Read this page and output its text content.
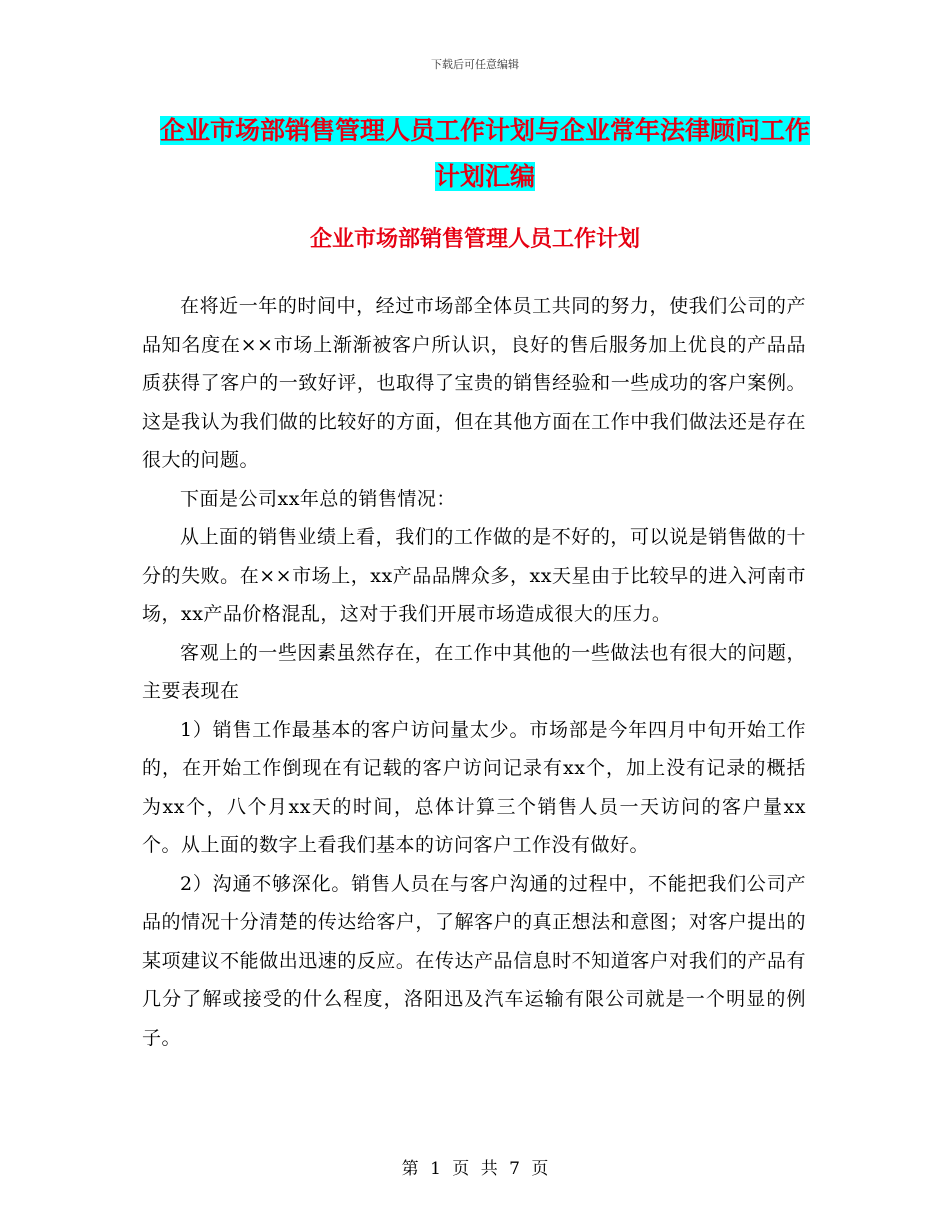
下载后可任意编辑
企业市场部销售管理人员工作计划与企业常年法律顾问工作计划汇编
企业市场部销售管理人员工作计划

在将近一年的时间中，经过市场部全体员工共同的努力，使我们公司的产品知名度在××市场上渐渐被客户所认识，良好的售后服务加上优良的产品品质获得了客户的一致好评，也取得了宝贵的销售经验和一些成功的客户案例。这是我认为我们做的比较好的方面，但在其他方面在工作中我们做法还是存在很大的问题。

下面是公司xx年总的销售情况：

从上面的销售业绩上看，我们的工作做的是不好的，可以说是销售做的十分的失败。在××市场上，xx产品品牌众多，xx天星由于比较早的进入河南市场，xx产品价格混乱，这对于我们开展市场造成很大的压力。

客观上的一些因素虽然存在，在工作中其他的一些做法也有很大的问题，主要表现在

1）销售工作最基本的客户访问量太少。市场部是今年四月中旬开始工作的，在开始工作倒现在有记载的客户访问记录有xx个，加上没有记录的概括为xx个，八个月xx天的时间，总体计算三个销售人员一天访问的客户量xx个。从上面的数字上看我们基本的访问客户工作没有做好。

2）沟通不够深化。销售人员在与客户沟通的过程中，不能把我们公司产品的情况十分清楚的传达给客户，了解客户的真正想法和意图；对客户提出的某项建议不能做出迅速的反应。在传达产品信息时不知道客户对我们的产品有几分了解或接受的什么程度，洛阳迅及汽车运输有限公司就是一个明显的例子。

第 1 页 共 7 页
